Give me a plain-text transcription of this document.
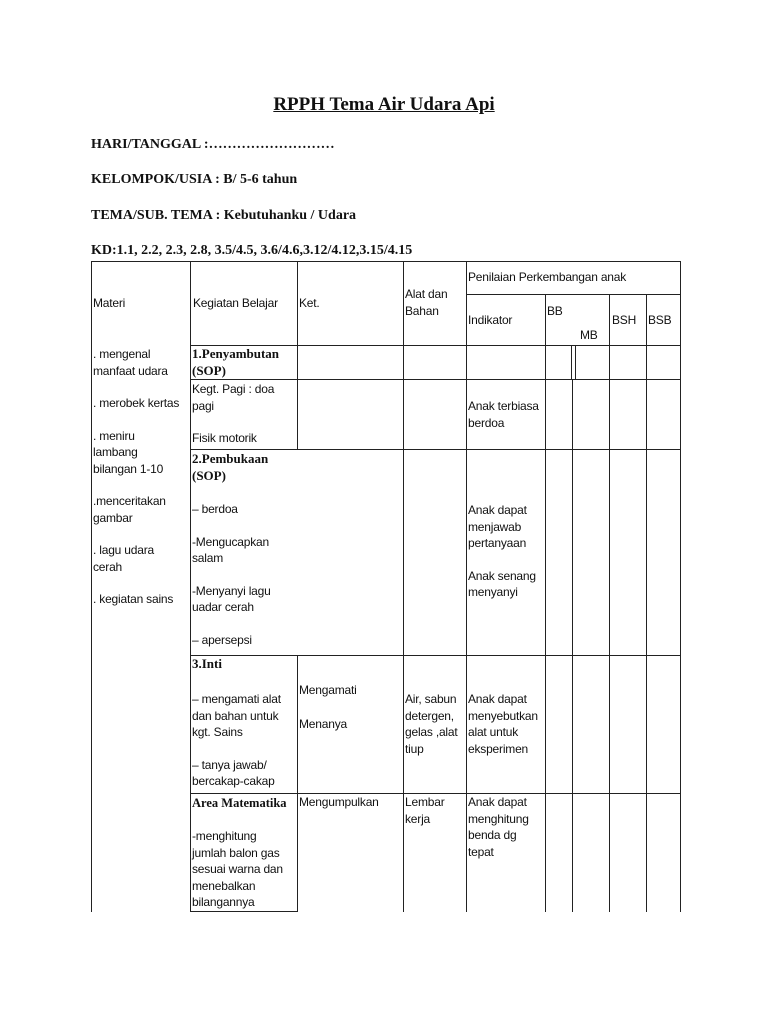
RPPH Tema Air Udara Api
HARI/TANGGAL :………………………
KELOMPOK/USIA : B/ 5-6 tahun
TEMA/SUB. TEMA : Kebutuhanku / Udara
KD:1.1, 2.2, 2.3, 2.8, 3.5/4.5, 3.6/4.6,3.12/4.12,3.15/4.15
Materi	Kegiatan Belajar Ket.
Alat dan
Bahan
Penilaian Perkembangan anak
Indikator
BB
MB
BSH BSB
. mengenal
manfaat udara
. merobek kertas
. meniru
lambang
bilangan 1-10
.menceritakan
gambar
. lagu udara
cerah
. kegiatan sains
1.Penyambutan
(SOP)
Kegt. Pagi : doa
pagi
Fisik motorik
Anak terbiasa
berdoa
2.Pembukaan
(SOP)
– berdoa
-Mengucapkan
salam
-Menyanyi lagu
uadar cerah
– apersepsi
Anak dapat
menjawab
pertanyaan
Anak senang
menyanyi
3.Inti
– mengamati alat
dan bahan untuk
kgt. Sains
– tanya jawab/
bercakap-cakap
Mengamati
Menanya
Air, sabun
detergen,
gelas ,alat
tiup
Anak dapat
menyebutkan
alat untuk
eksperimen
Area Matematika
-menghitung
jumlah balon gas
sesuai warna dan
menebalkan
bilangannya
Mengumpulkan Lembar
kerja
Anak dapat
menghitung
benda dg
tepat
